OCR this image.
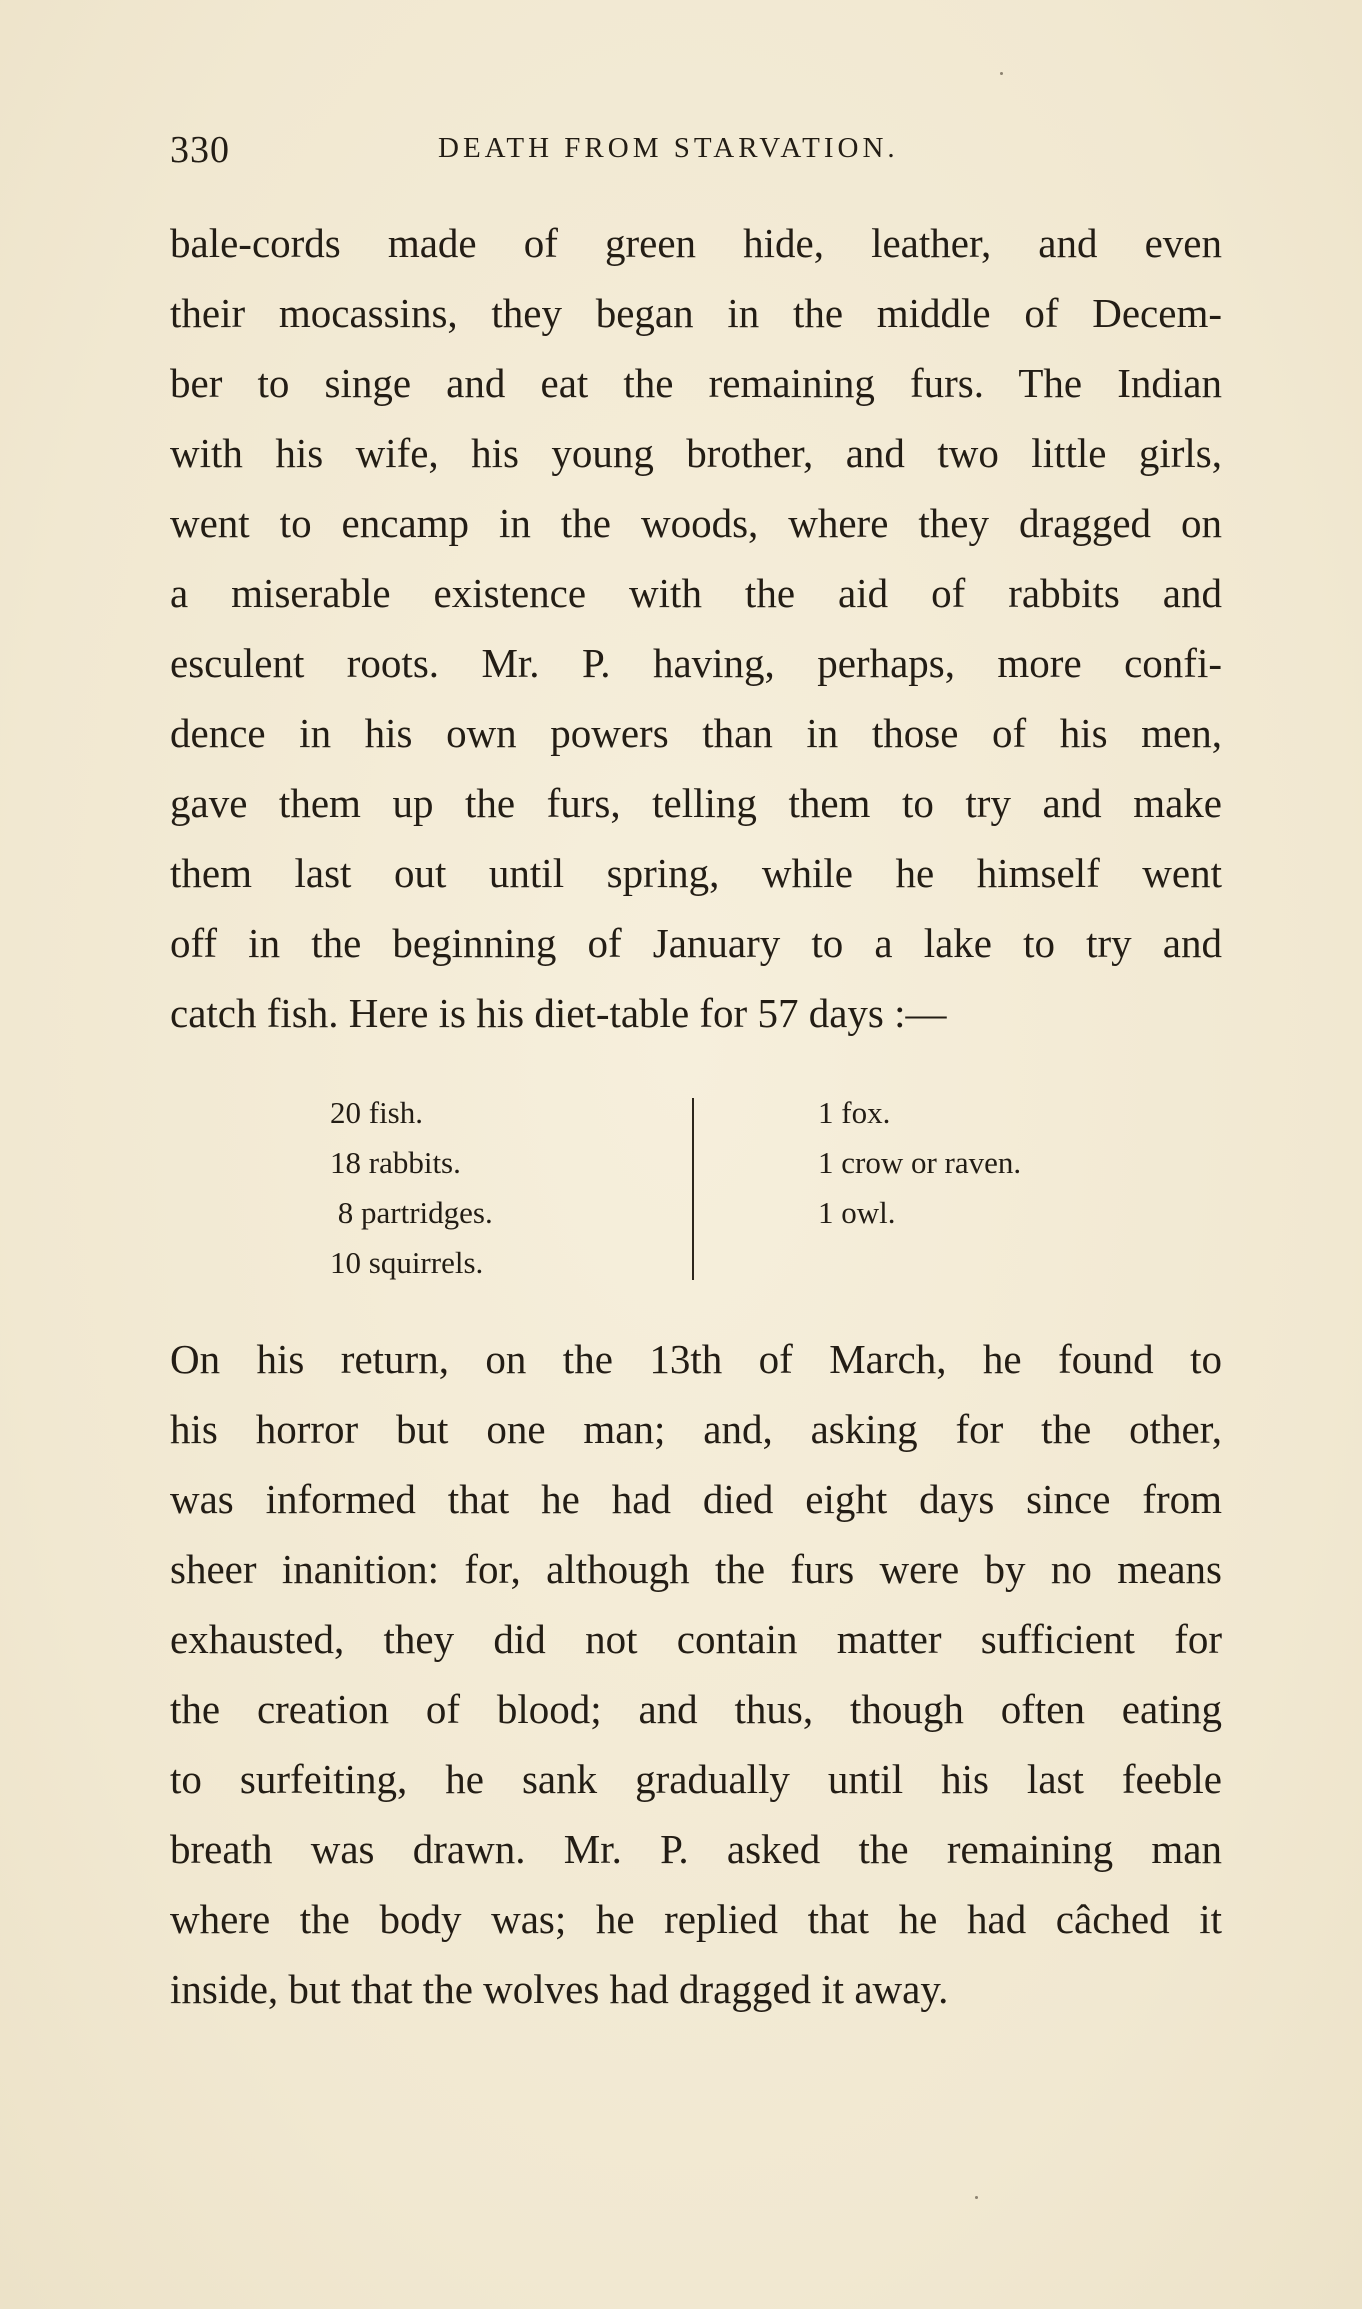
330	DEATH FROM STARVATION.

bale-cords made of green hide, leather, and even
their mocassins, they began in the middle of Decem-
ber to singe and eat the remaining furs. The Indian
with his wife, his young brother, and two little girls,
went to encamp in the woods, where they dragged on
a miserable existence with the aid of rabbits and
esculent roots. Mr. P. having, perhaps, more confi-
dence in his own powers than in those of his men,
gave them up the furs, telling them to try and make
them last out until spring, while he himself went
off in the beginning of January to a lake to try and
catch fish. Here is his diet-table for 57 days :—

20 fish.
18 rabbits.
8 partridges.
10 squirrels.
1 fox.
1 crow or raven.
1 owl.

On his return, on the 13th of March, he found to
his horror but one man; and, asking for the other,
was informed that he had died eight days since from
sheer inanition: for, although the furs were by no means
exhausted, they did not contain matter sufficient for
the creation of blood; and thus, though often eating
to surfeiting, he sank gradually until his last feeble
breath was drawn. Mr. P. asked the remaining man
where the body was; he replied that he had câched it
inside, but that the wolves had dragged it away.
